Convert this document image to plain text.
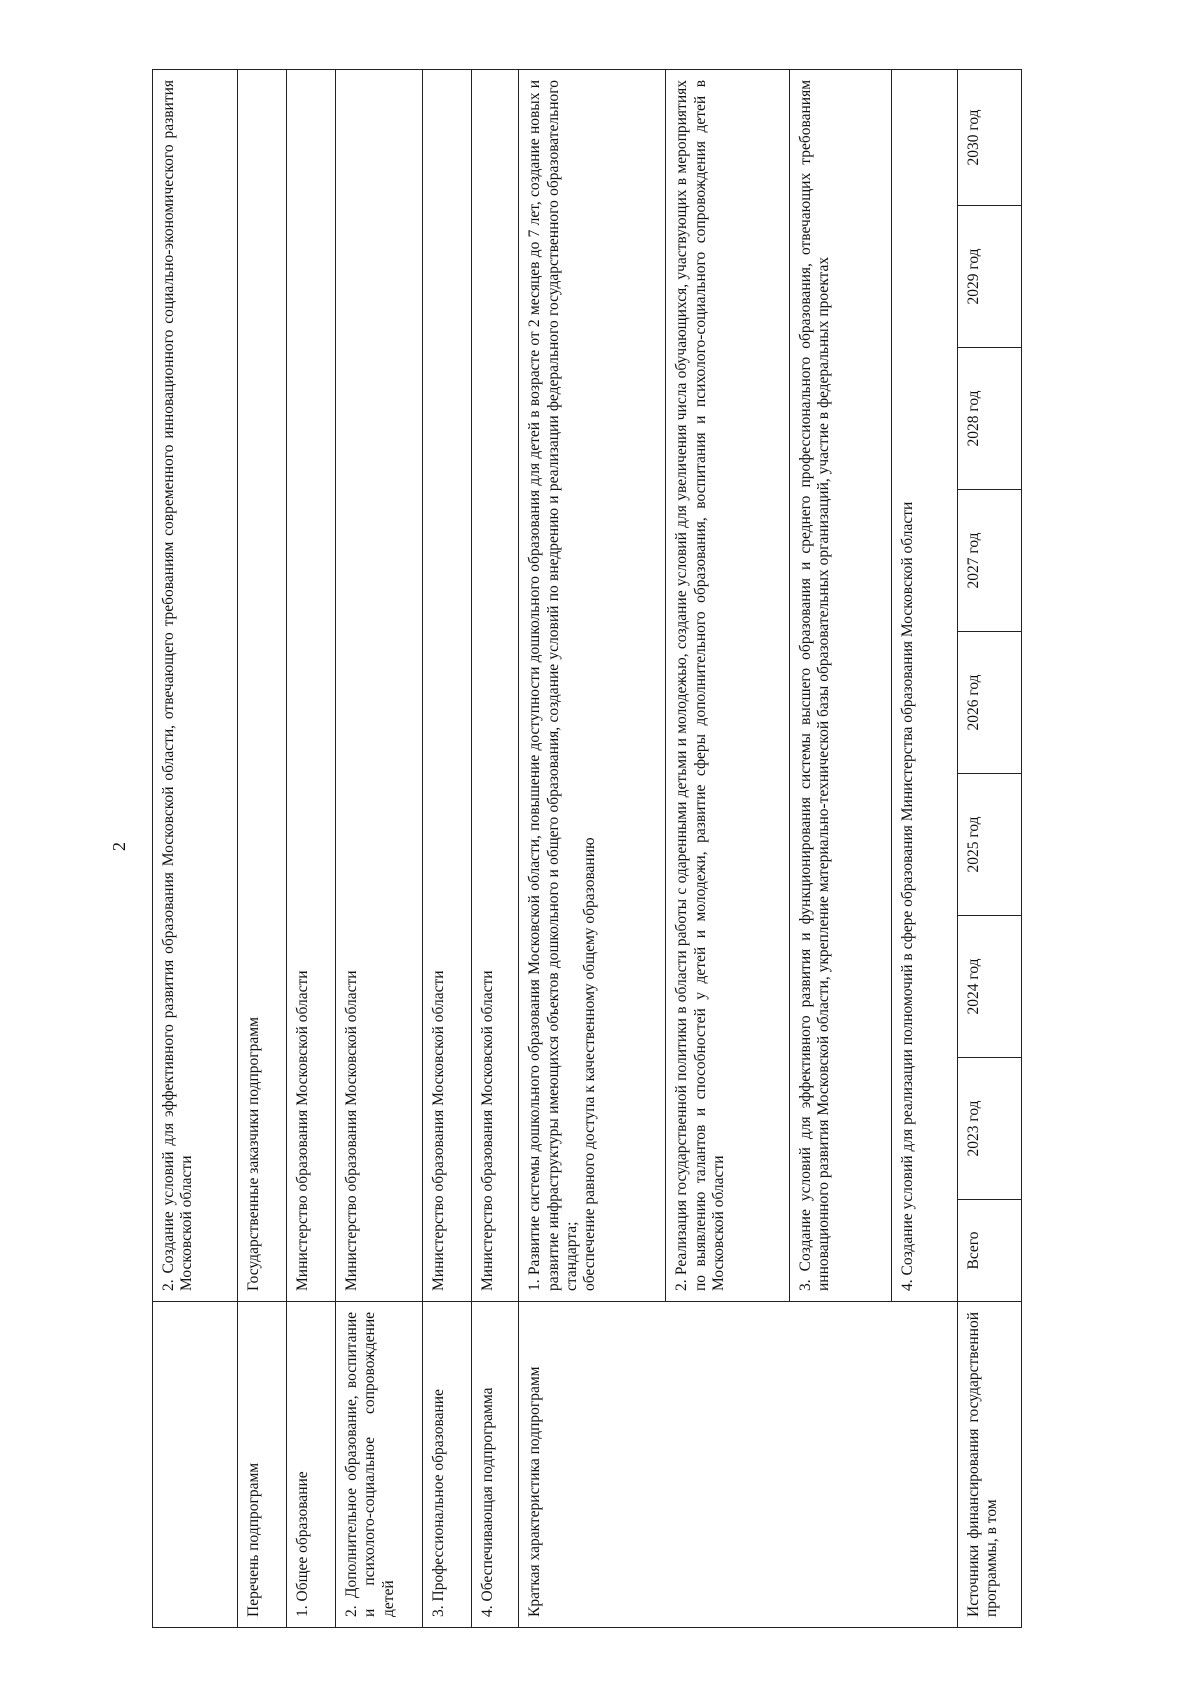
2

	2. Создание условий для эффективного развития образования Московской области, отвечающего требованиям современного инновационного социально-экономического развития Московской области								

Перечень подпрограмм	Государственные заказчики подпрограмм								
1. Общее образование	Министерство образования Московской области								

2. Дополнительное образование, воспитание и психолого-социальное сопровождение детей	Министерство образования Московской области								
3. Профессиональное образование	Министерство образования Московской области								
4. Обеспечивающая подпрограмма	Министерство образования Московской области								

Краткая характеристика подпрограмм	1. Развитие системы дошкольного образования Московской области, повышение доступности дошкольного образования для детей в возрасте от 2 месяцев до 7 лет, создание новых и развитие инфраструктуры имеющихся объектов дошкольного и общего образования, создание условий по внедрению и реализации федерального государственного образовательного стандарта; обеспечение равного доступа к качественному общему образованию								

	2. Реализация государственной политики в области работы с одаренными детьми и молодежью, создание условий для увеличения числа обучающихся, участвующих в мероприятиях по выявлению талантов и способностей у детей и молодежи, развитие сферы дополнительного образования, воспитания и психолого-социального сопровождения детей в Московской области								

	3. Создание условий для эффективного развития и функционирования системы высшего образования и среднего профессионального образования, отвечающих требованиям инновационного развития Московской области, укрепление материально-технической базы образовательных организаций, участие в федеральных проектах								

	4. Создание условий для реализации полномочий в сфере образования Министерства образования Московской области								

Источники финансирования государственной программы, в том	Всего	2023 год	2024 год	2025 год	2026 год	2027 год	2028 год	2029 год	2030 год
